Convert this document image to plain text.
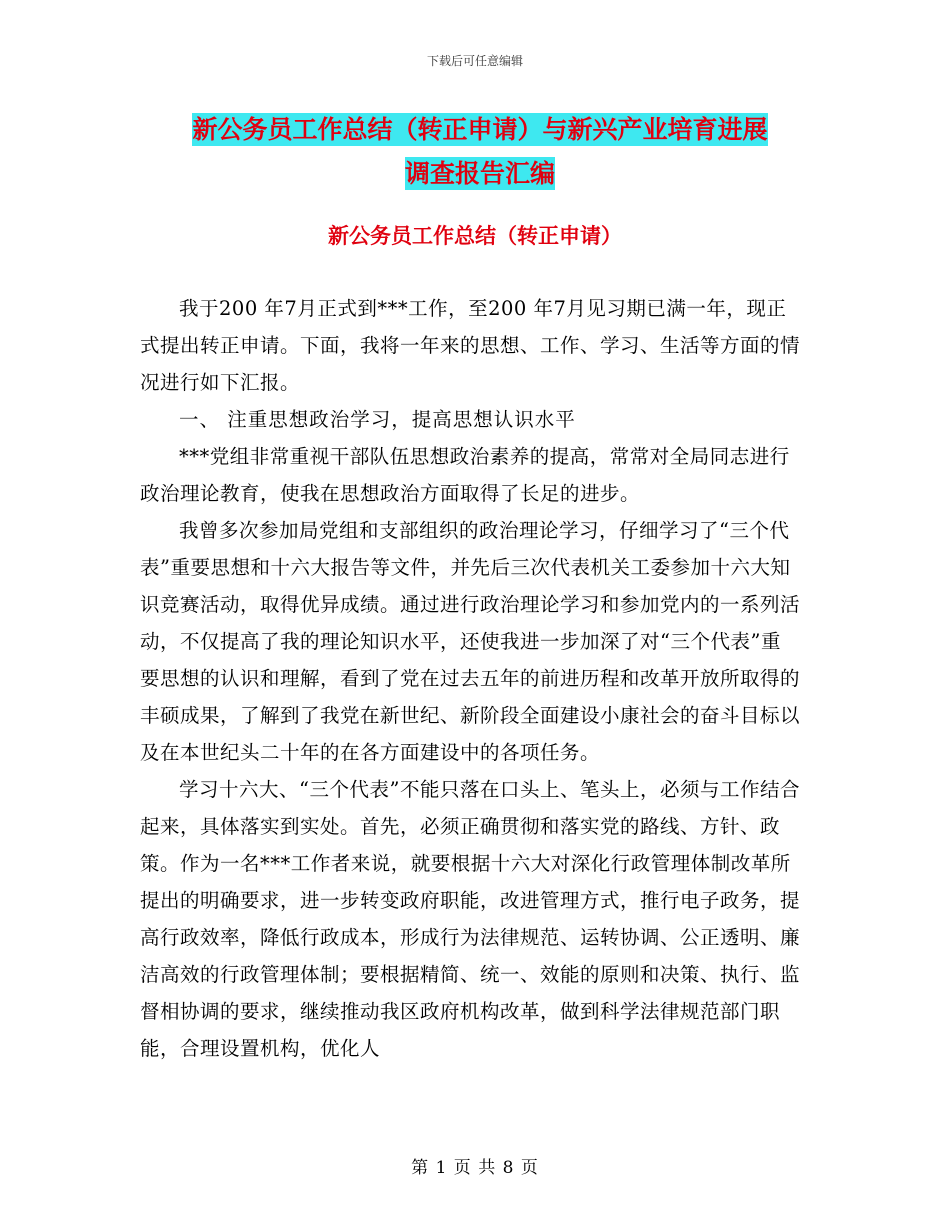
下载后可任意编辑
新公务员工作总结（转正申请）与新兴产业培育进展
调查报告汇编
新公务员工作总结（转正申请）

我于200 年7月正式到***工作，至200 年7月见习期已满一年，现正式提出转正申请。下面，我将一年来的思想、工作、学习、生活等方面的情况进行如下汇报。

一、 注重思想政治学习，提高思想认识水平

***党组非常重视干部队伍思想政治素养的提高，常常对全局同志进行政治理论教育，使我在思想政治方面取得了长足的进步。

我曾多次参加局党组和支部组织的政治理论学习，仔细学习了“三个代表”重要思想和十六大报告等文件，并先后三次代表机关工委参加十六大知识竞赛活动，取得优异成绩。通过进行政治理论学习和参加党内的一系列活动，不仅提高了我的理论知识水平，还使我进一步加深了对“三个代表”重要思想的认识和理解，看到了党在过去五年的前进历程和改革开放所取得的丰硕成果，了解到了我党在新世纪、新阶段全面建设小康社会的奋斗目标以及在本世纪头二十年的在各方面建设中的各项任务。

学习十六大、“三个代表”不能只落在口头上、笔头上，必须与工作结合起来，具体落实到实处。首先，必须正确贯彻和落实党的路线、方针、政策。作为一名***工作者来说，就要根据十六大对深化行政管理体制改革所提出的明确要求，进一步转变政府职能，改进管理方式，推行电子政务，提高行政效率，降低行政成本，形成行为法律规范、运转协调、公正透明、廉洁高效的行政管理体制；要根据精简、统一、效能的原则和决策、执行、监督相协调的要求，继续推动我区政府机构改革，做到科学法律规范部门职能，合理设置机构，优化人

第 1 页 共 8 页
